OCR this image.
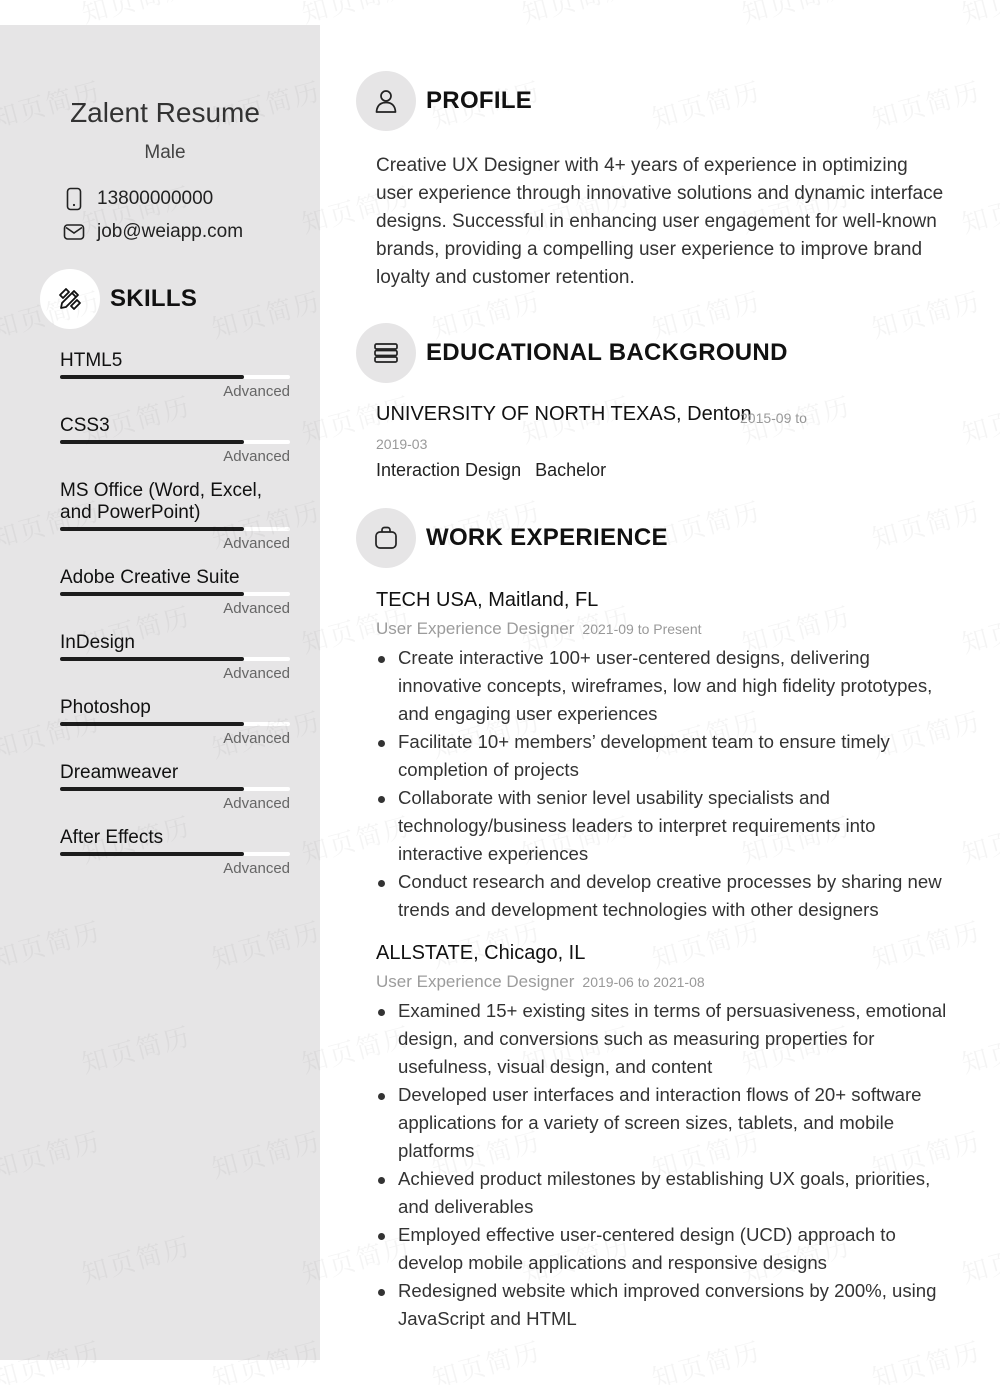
Zalent Resume
Male
13800000000
job@weiapp.com
SKILLS
HTML5
Advanced
CSS3
Advanced
MS Office (Word, Excel, and PowerPoint)
Advanced
Adobe Creative Suite
Advanced
InDesign
Advanced
Photoshop
Advanced
Dreamweaver
Advanced
After Effects
Advanced
PROFILE
Creative UX Designer with 4+ years of experience in optimizing user experience through innovative solutions and dynamic interface designs. Successful in enhancing user engagement for well-known brands, providing a compelling user experience to improve brand loyalty and customer retention.
EDUCATIONAL BACKGROUND
UNIVERSITY OF NORTH TEXAS, Denton
2015-09 to
2019-03
Interaction Design Bachelor
WORK EXPERIENCE
TECH USA, Maitland, FL
User Experience Designer 2021-09 to Present
Create interactive 100+ user-centered designs, delivering innovative concepts, wireframes, low and high fidelity prototypes, and engaging user experiences
Facilitate 10+ members’ development team to ensure timely completion of projects
Collaborate with senior level usability specialists and technology/business leaders to interpret requirements into interactive experiences
Conduct research and develop creative processes by sharing new trends and development technologies with other designers
ALLSTATE, Chicago, IL
User Experience Designer 2019-06 to 2021-08
Examined 15+ existing sites in terms of persuasiveness, emotional design, and conversions such as measuring properties for usefulness, visual design, and content
Developed user interfaces and interaction flows of 20+ software applications for a variety of screen sizes, tablets, and mobile platforms
Achieved product milestones by establishing UX goals, priorities, and deliverables
Employed effective user-centered design (UCD) approach to develop mobile applications and responsive designs
Redesigned website which improved conversions by 200%, using JavaScript and HTML
